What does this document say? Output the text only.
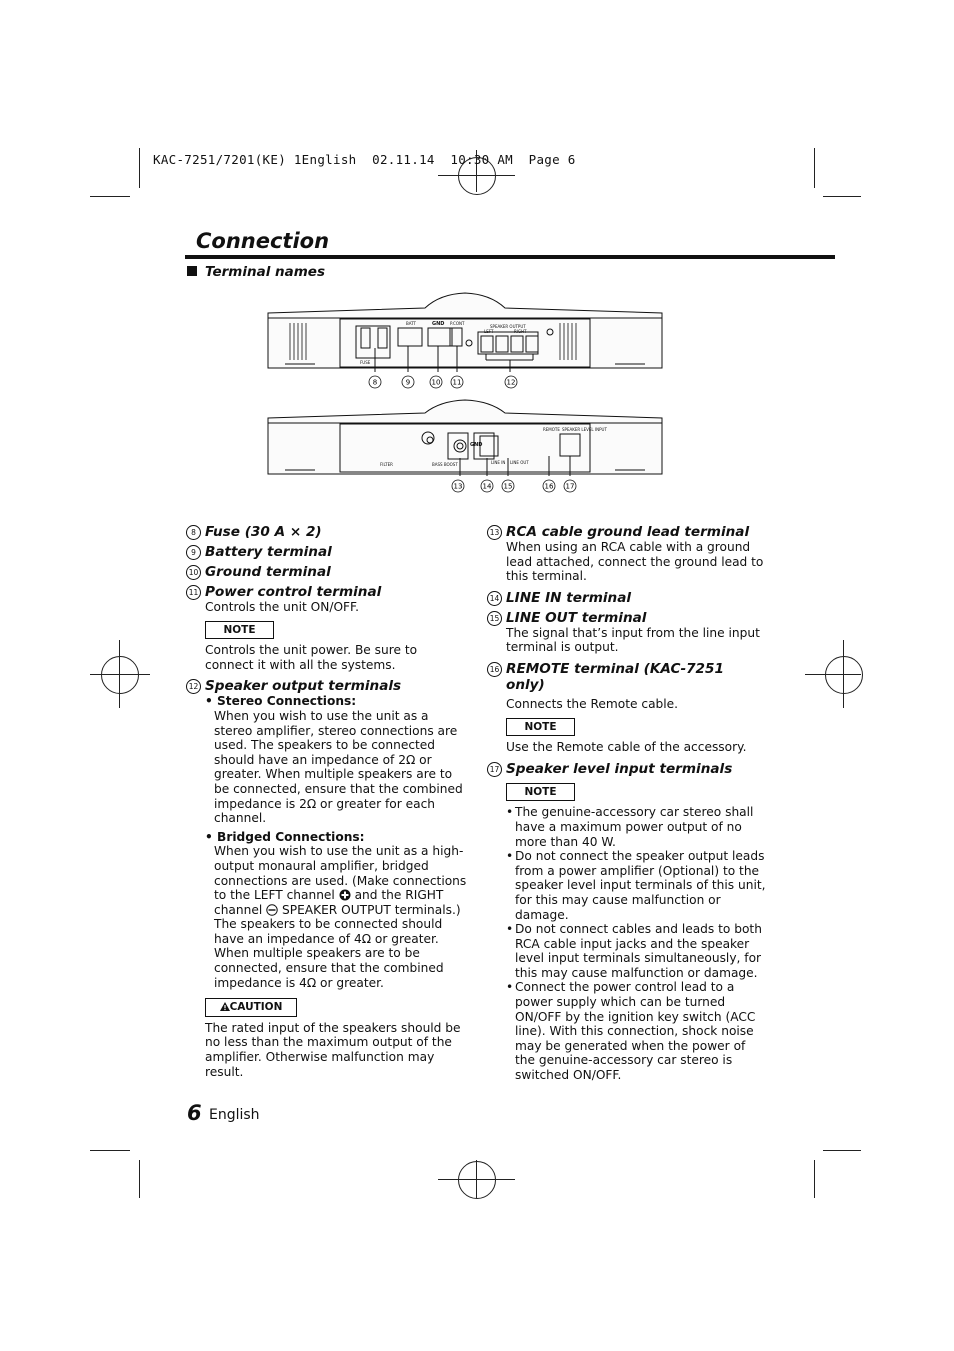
KAC-7251/7201(KE) 1English  02.11.14  10:30 AM  Page 6
Connection
Terminal names
BATT	GND P.CONT
SPEAKER OUTPUT
LEFT	RIGHT
FUSE
LINE IN LINE OUT
REMOTE SPEAKER LEVEL INPUT
GND
FILTER	BASS BOOST
8	9	10 11	12
13	14 15	16 17
8 Fuse (30 A × 2)
9 Battery terminal
10 Ground terminal
11 Power control terminal
Controls the unit ON/OFF.
NOTE
Controls the unit power. Be sure to connect it with all the systems.
12 Speaker output terminals
• Stereo Connections:
When you wish to use the unit as a stereo amplifier, stereo connections are used. The speakers to be connected should have an impedance of 2Ω or greater. When multiple speakers are to be connected, ensure that the combined impedance is 2Ω or greater for each channel.
• Bridged Connections:
When you wish to use the unit as a high-output monaural amplifier, bridged connections are used. (Make connections to the LEFT channel and the RIGHT channel SPEAKER OUTPUT terminals.) The speakers to be connected should have an impedance of 4Ω or greater. When multiple speakers are to be connected, ensure that the combined impedance is 4Ω or greater.
CAUTION
The rated input of the speakers should be no less than the maximum output of the amplifier. Otherwise malfunction may result.
13 RCA cable ground lead terminal
When using an RCA cable with a ground lead attached, connect the ground lead to this terminal.
14 LINE IN terminal
15 LINE OUT terminal
The signal that’s input from the line input terminal is output.
16 REMOTE terminal (KAC-7251 only)
Connects the Remote cable.
NOTE
Use the Remote cable of the accessory.
17 Speaker level input terminals
NOTE
• The genuine-accessory car stereo shall have a maximum power output of no more than 40 W.
• Do not connect the speaker output leads from a power amplifier (Optional) to the speaker level input terminals of this unit, for this may cause malfunction or damage.
• Do not connect cables and leads to both RCA cable input jacks and the speaker level input terminals simultaneously, for this may cause malfunction or damage.
• Connect the power control lead to a power supply which can be turned ON/OFF by the ignition key switch (ACC line). With this connection, shock noise may be generated when the power of the genuine-accessory car stereo is switched ON/OFF.
6 English
